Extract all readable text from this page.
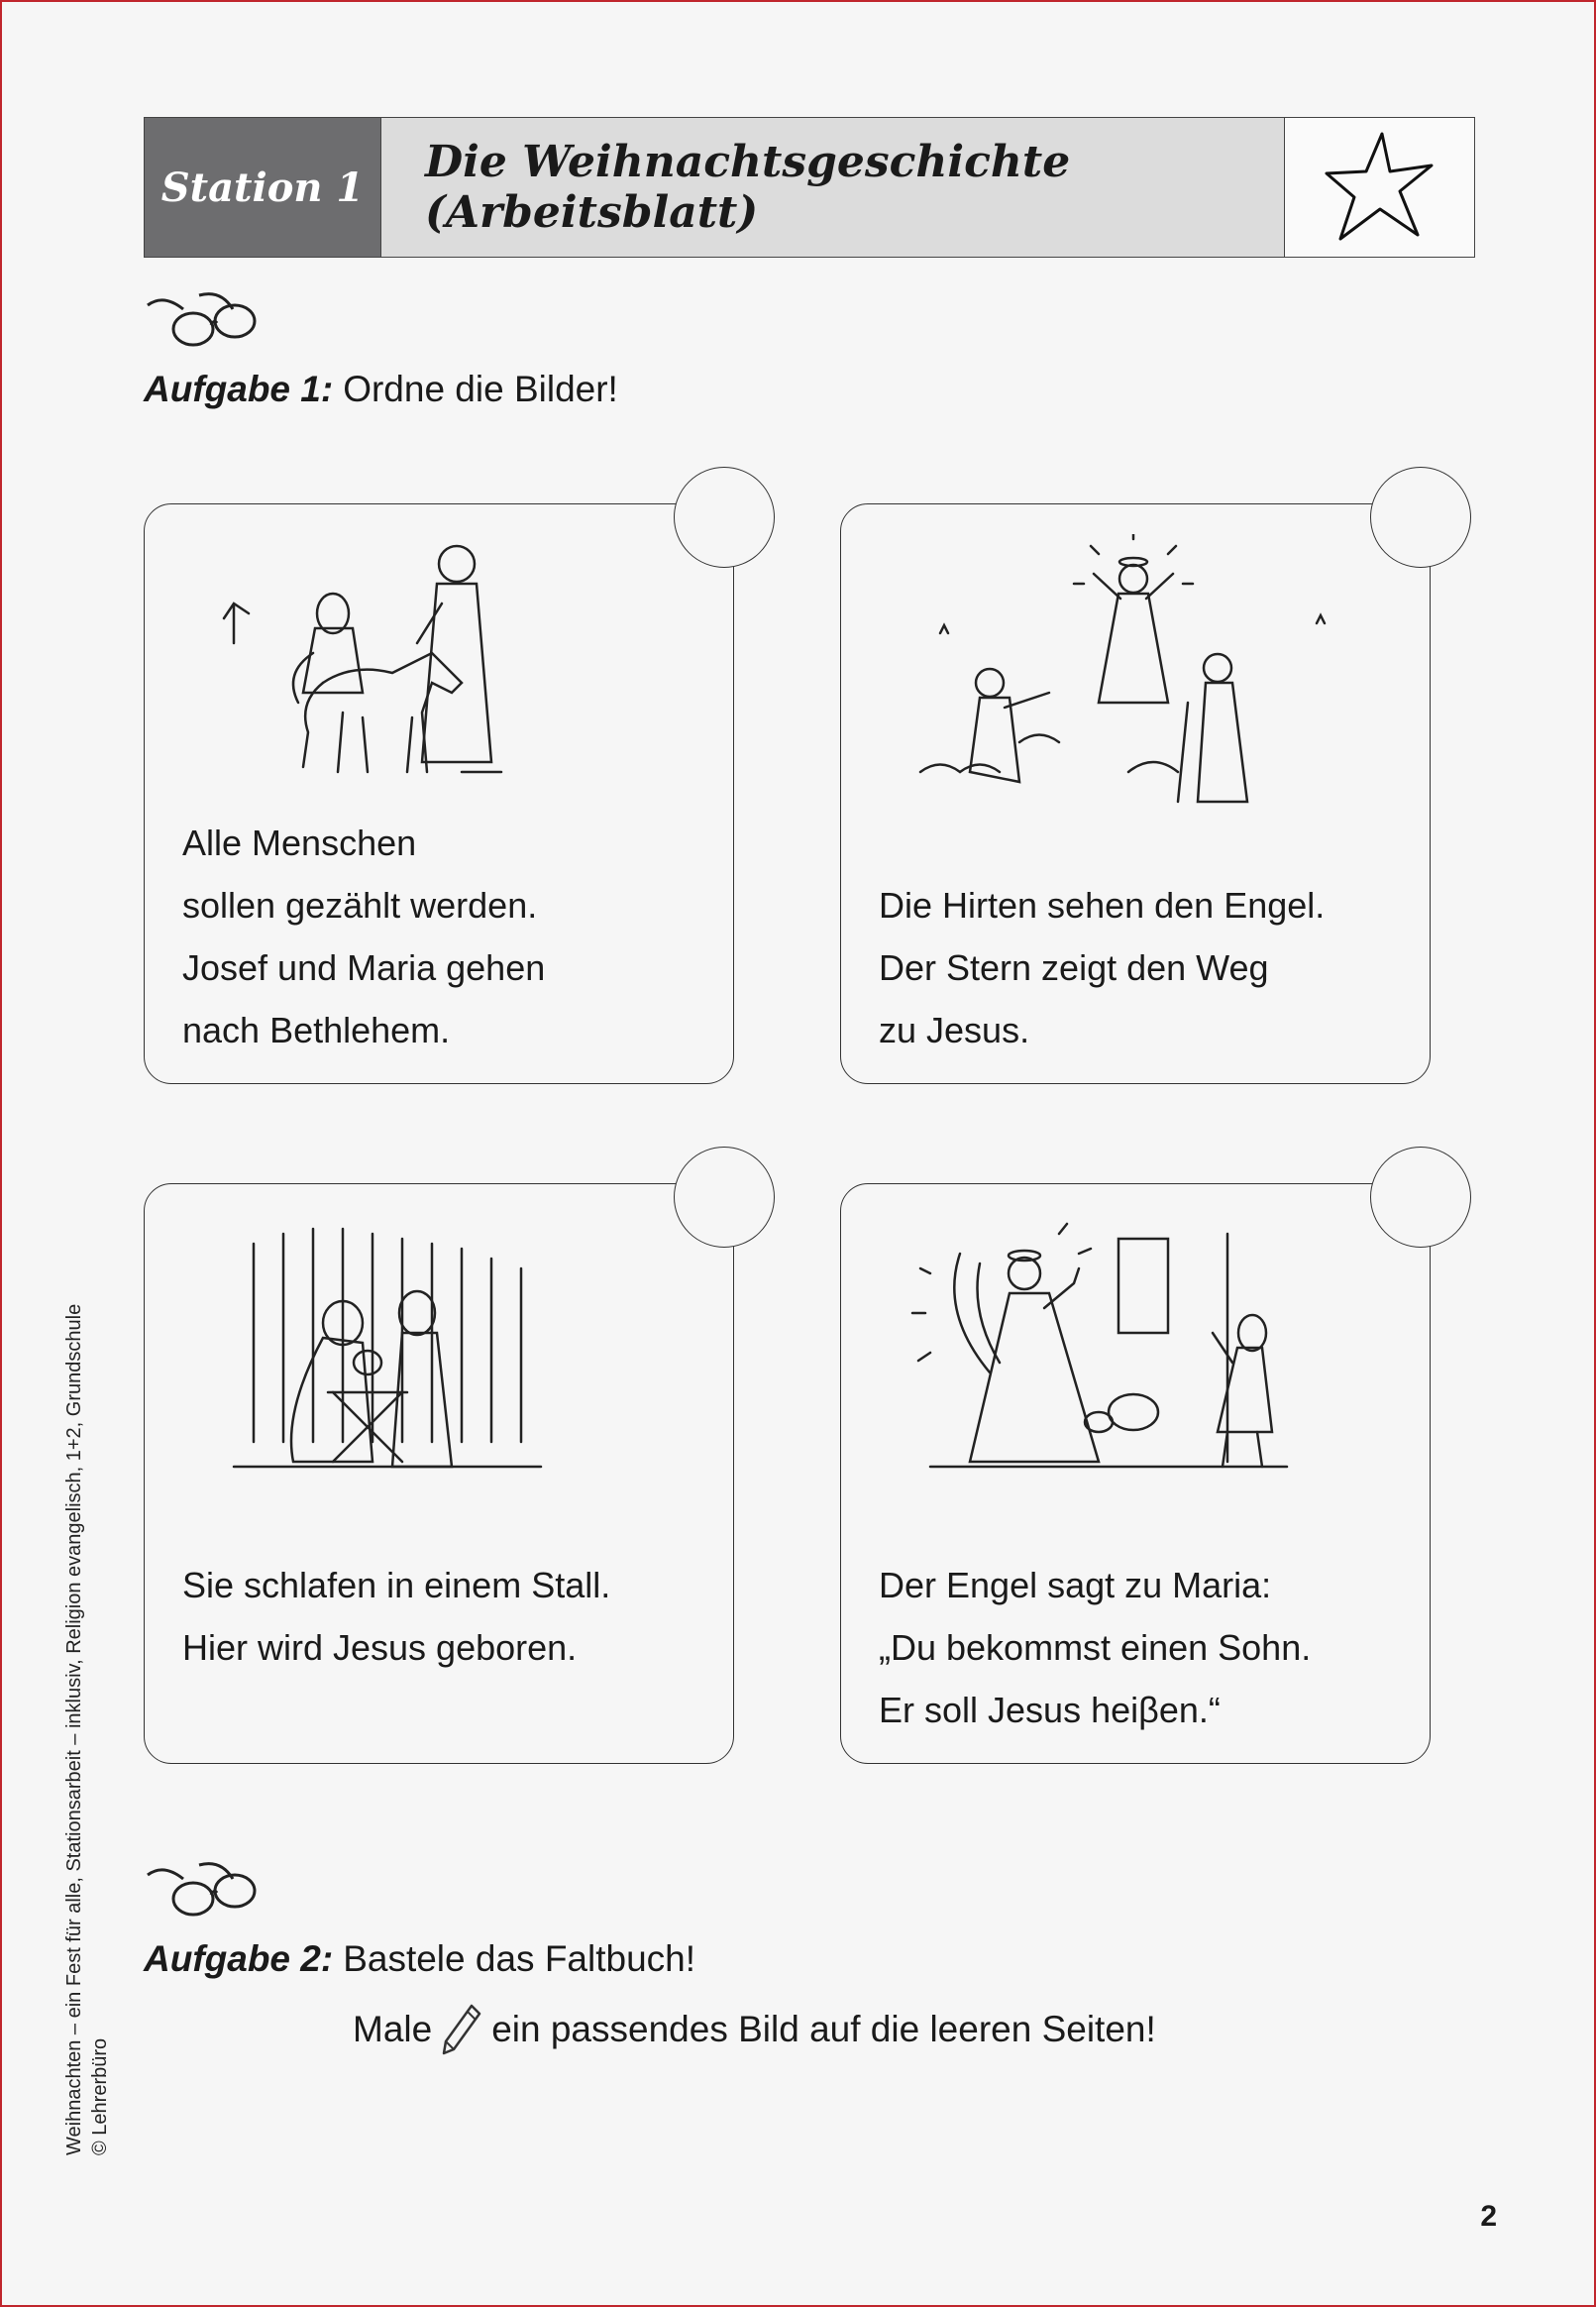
Station 1	Die Weihnachtsgeschichte (Arbeitsblatt)
Aufgabe 1: Ordne die Bilder!
Alle Menschen
sollen gezählt werden.
Josef und Maria gehen
nach Bethlehem.
Die Hirten sehen den Engel.
Der Stern zeigt den Weg
zu Jesus.
Sie schlafen in einem Stall.
Hier wird Jesus geboren.
Der Engel sagt zu Maria:
„Du bekommst einen Sohn.
Er soll Jesus heiβen.“
Aufgabe 2: Bastele das Faltbuch!
Male ein passendes Bild auf die leeren Seiten!
Weihnachten – ein Fest für alle, Stationsarbeit – inklusiv, Religion evangelisch, 1+2, Grundschule © Lehrerbüro
2
